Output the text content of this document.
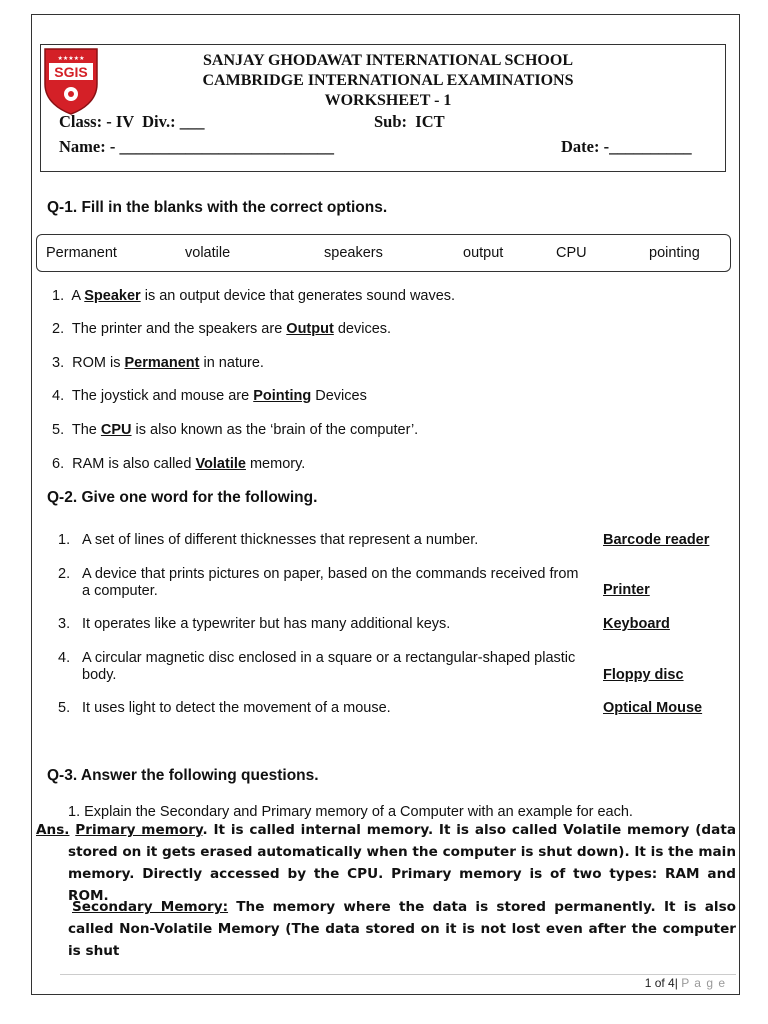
★★★★★
SGIS
SANJAY GHODAWAT INTERNATIONAL SCHOOL
CAMBRIDGE INTERNATIONAL EXAMINATIONS
WORKSHEET - 1
Class: - IV  Div.: ___	Sub:  ICT
Name: - __________________________	Date: -__________
Q-1. Fill in the blanks with the correct options.
Permanent	volatile	speakers	output	CPU	pointing
1. A Speaker is an output device that generates sound waves.
2. The printer and the speakers are Output devices.
3. ROM is Permanent in nature.
4. The joystick and mouse are Pointing Devices
5. The CPU is also known as the ‘brain of the computer’.
6. RAM is also called Volatile memory.
Q-2. Give one word for the following.
1. A set of lines of different thicknesses that represent a number.	Barcode reader
2. A device that prints pictures on paper, based on the commands received from a computer.	Printer
3. It operates like a typewriter but has many additional keys.	Keyboard
4. A circular magnetic disc enclosed in a square or a rectangular-shaped plastic body.	Floppy disc
5. It uses light to detect the movement of a mouse.	Optical Mouse
Q-3. Answer the following questions.
1. Explain the Secondary and Primary memory of a Computer with an example for each.
Ans. Primary memory. It is called internal memory. It is also called Volatile memory (data stored on it gets erased automatically when the computer is shut down). It is the main memory. Directly accessed by the CPU. Primary memory is of two types: RAM and ROM.
Secondary Memory: The memory where the data is stored permanently. It is also called Non-Volatile Memory (The data stored on it is not lost even after the computer is shut
1 of 4| P a g e
